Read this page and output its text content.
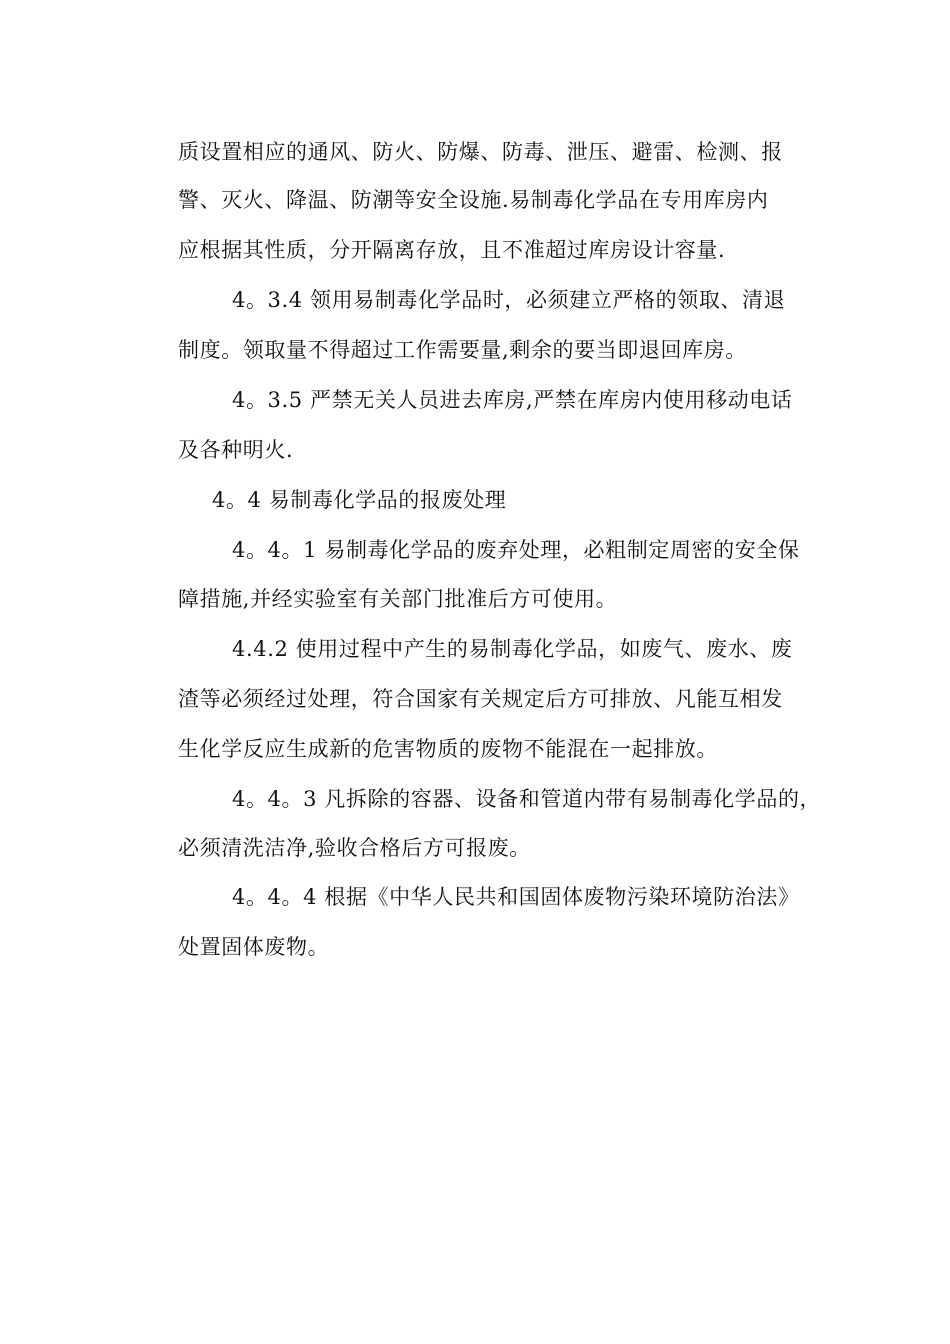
质设置相应的通风、防火、防爆、防毒、泄压、避雷、检测、报
警、灭火、降温、防潮等安全设施.易制毒化学品在专用库房内
应根据其性质，分开隔离存放，且不准超过库房设计容量.
4。3.4 领用易制毒化学品时，必须建立严格的领取、清退
制度。领取量不得超过工作需要量,剩余的要当即退回库房。
4。3.5 严禁无关人员进去库房,严禁在库房内使用移动电话
及各种明火.
4。4 易制毒化学品的报废处理
4。4。1 易制毒化学品的废弃处理，必粗制定周密的安全保
障措施,并经实验室有关部门批准后方可使用。
4.4.2 使用过程中产生的易制毒化学品，如废气、废水、废
渣等必须经过处理，符合国家有关规定后方可排放、凡能互相发
生化学反应生成新的危害物质的废物不能混在一起排放。
4。4。3 凡拆除的容器、设备和管道内带有易制毒化学品的，
必须清洗洁净,验收合格后方可报废。
4。4。4 根据《中华人民共和国固体废物污染环境防治法》
处置固体废物。
